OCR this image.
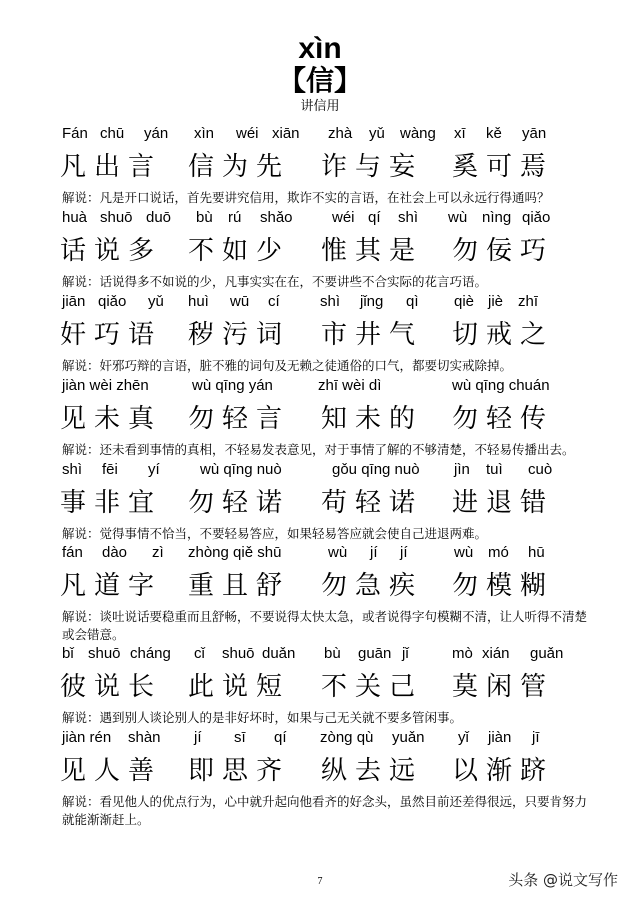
xìn
【信】
讲信用
Fán chū yán xìn wéi xiān zhà yǔ wàng xī kě yān
凡出言 信为先 诈与妄 奚可焉
解说：凡是开口说话，首先要讲究信用，欺诈不实的言语，在社会上可以永远行得通吗？
huà shuō duō bù rú shǎo	wéi qí shì wù nìng qiǎo
话说多 不如少 惟其是 勿佞巧
解说：话说得多不如说的少，凡事实实在在，不要讲些不合实际的花言巧语。
jiān qiǎo yǔ huì wū cí	shì jǐng qì qiè jiè zhī
奸巧语 秽污词 市井气 切戒之
解说：奸邪巧辩的言语，脏不雅的词句及无赖之徒通俗的口气，都要切实戒除掉。
jiàn wèi zhēn	wù qīng yán	zhī wèi dì	wù qīng chuán
见未真 勿轻言 知未的 勿轻传
解说：还未看到事情的真相，不轻易发表意见，对于事情了解的不够清楚，不轻易传播出去。
shì fēi yí	wù qīng nuò	gǒu qīng nuò jìn tuì cuò
事非宜 勿轻诺 苟轻诺 进退错
解说：觉得事情不恰当，不要轻易答应，如果轻易答应就会使自己进退两难。
fán dào zì zhòng qiě shū	wù jí jí	wù mó hū
凡道字 重且舒 勿急疾 勿模糊
解说：谈吐说话要稳重而且舒畅，不要说得太快太急，或者说得字句模糊不清，让人听得不清楚或会错意。
bǐ shuō cháng cǐ shuō duǎn bù guān jǐ	mò xián guǎn
彼说长 此说短 不关己 莫闲管
解说：遇到别人谈论别人的是非好坏时，如果与己无关就不要多管闲事。
jiàn rén shàn jí sī qí zòng qù yuǎn yǐ jiàn jī
见人善 即思齐 纵去远 以渐跻
解说：看见他人的优点行为，心中就升起向他看齐的好念头，虽然目前还差得很远，只要肯努力就能渐渐赶上。
7	头条 @说文写作
